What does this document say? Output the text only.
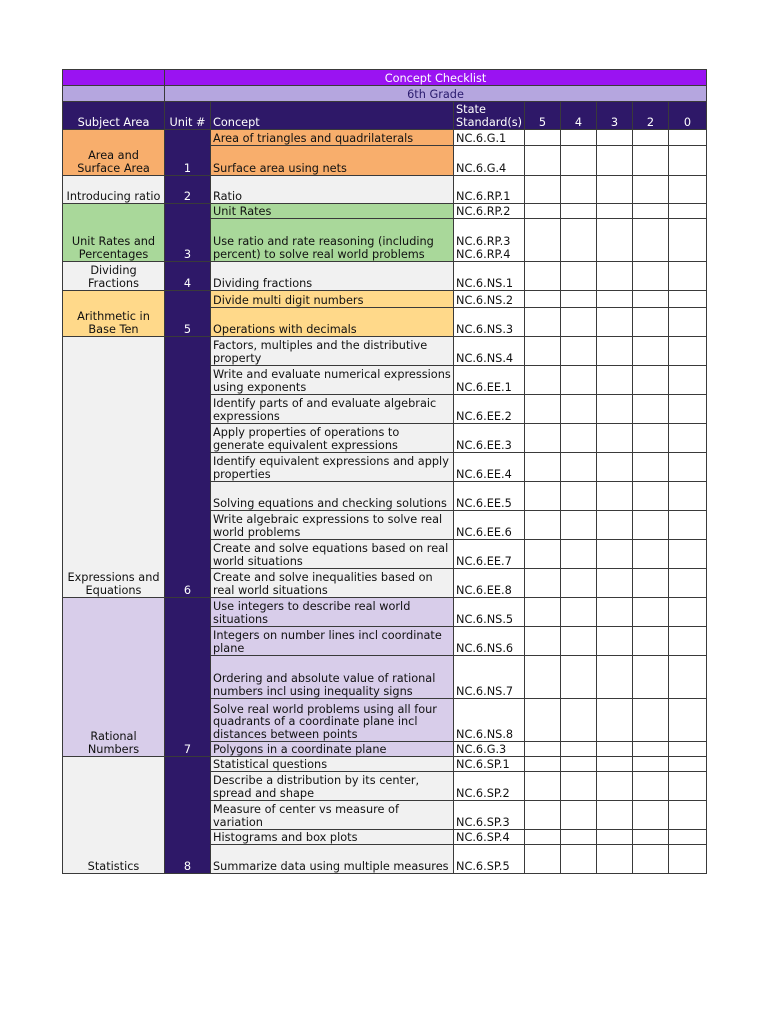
	Concept Checklist							
	6th Grade							
Subject Area	Unit #	Concept	State Standard(s)	5	4	3	2	0
Area and Surface Area	1	Area of triangles and quadrilaterals	NC.6.G.1					
		Surface area using nets	NC.6.G.4					
Introducing ratio	2	Ratio	NC.6.RP.1					
Unit Rates and Percentages	3	Unit Rates	NC.6.RP.2					
		Use ratio and rate reasoning (including percent) to solve real world problems	NC.6.RP.3 NC.6.RP.4					
Dividing Fractions	4	Dividing fractions	NC.6.NS.1					
Arithmetic in Base Ten	5	Divide multi digit numbers	NC.6.NS.2					
		Operations with decimals	NC.6.NS.3					
Expressions and Equations	6	Factors, multiples and the distributive property	NC.6.NS.4					
		Write and evaluate numerical expressions using exponents	NC.6.EE.1					
		Identify parts of and evaluate algebraic expressions	NC.6.EE.2					
		Apply properties of operations to generate equivalent expressions	NC.6.EE.3					
		Identify equivalent expressions and apply properties	NC.6.EE.4					
		Solving equations and checking solutions	NC.6.EE.5					
		Write algebraic expressions to solve real world problems	NC.6.EE.6					
		Create and solve equations based on real world situations	NC.6.EE.7					
		Create and solve inequalities based on real world situations	NC.6.EE.8					
Rational Numbers	7	Use integers to describe real world situations	NC.6.NS.5					
		Integers on number lines incl coordinate plane	NC.6.NS.6					
		Ordering and absolute value of rational numbers incl using inequality signs	NC.6.NS.7					
		Solve real world problems using all four quadrants of a coordinate plane incl distances between points	NC.6.NS.8					
		Polygons in a coordinate plane	NC.6.G.3					
Statistics	8	Statistical questions	NC.6.SP.1					
		Describe a distribution by its center, spread and shape	NC.6.SP.2					
		Measure of center vs measure of variation	NC.6.SP.3					
		Histograms and box plots	NC.6.SP.4					
		Summarize data using multiple measures	NC.6.SP.5					
